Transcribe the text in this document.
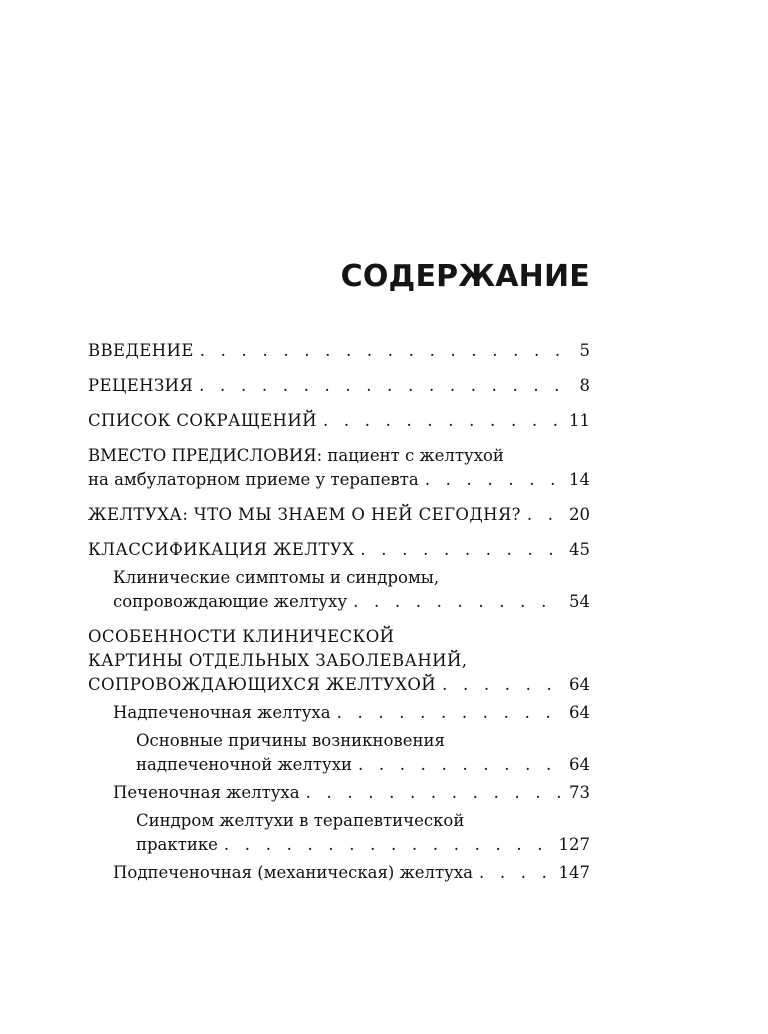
СОДЕРЖАНИЕ
ВВЕДЕНИЕ . . .	5
РЕЦЕНЗИЯ . . .	8
СПИСОК СОКРАЩЕНИЙ . . .	11
ВМЕСТО ПРЕДИСЛОВИЯ: пациент с желтухой
на амбулаторном приеме у терапевта . . .	14
ЖЕЛТУХА: ЧТО МЫ ЗНАЕМ О НЕЙ СЕГОДНЯ? . . .	20
КЛАССИФИКАЦИЯ ЖЕЛТУХ . . .	45
Клинические симптомы и синдромы,
сопровождающие желтуху . . .	54
ОСОБЕННОСТИ КЛИНИЧЕСКОЙ
КАРТИНЫ ОТДЕЛЬНЫХ ЗАБОЛЕВАНИЙ,
СОПРОВОЖДАЮЩИХСЯ ЖЕЛТУХОЙ . . .	64
Надпеченочная желтуха . . .	64
Основные причины возникновения
надпеченочной желтухи . . .	64
Печеночная желтуха . . .	73
Синдром желтухи в терапевтической
практике . . .	127
Подпеченочная (механическая) желтуха . . .	147
